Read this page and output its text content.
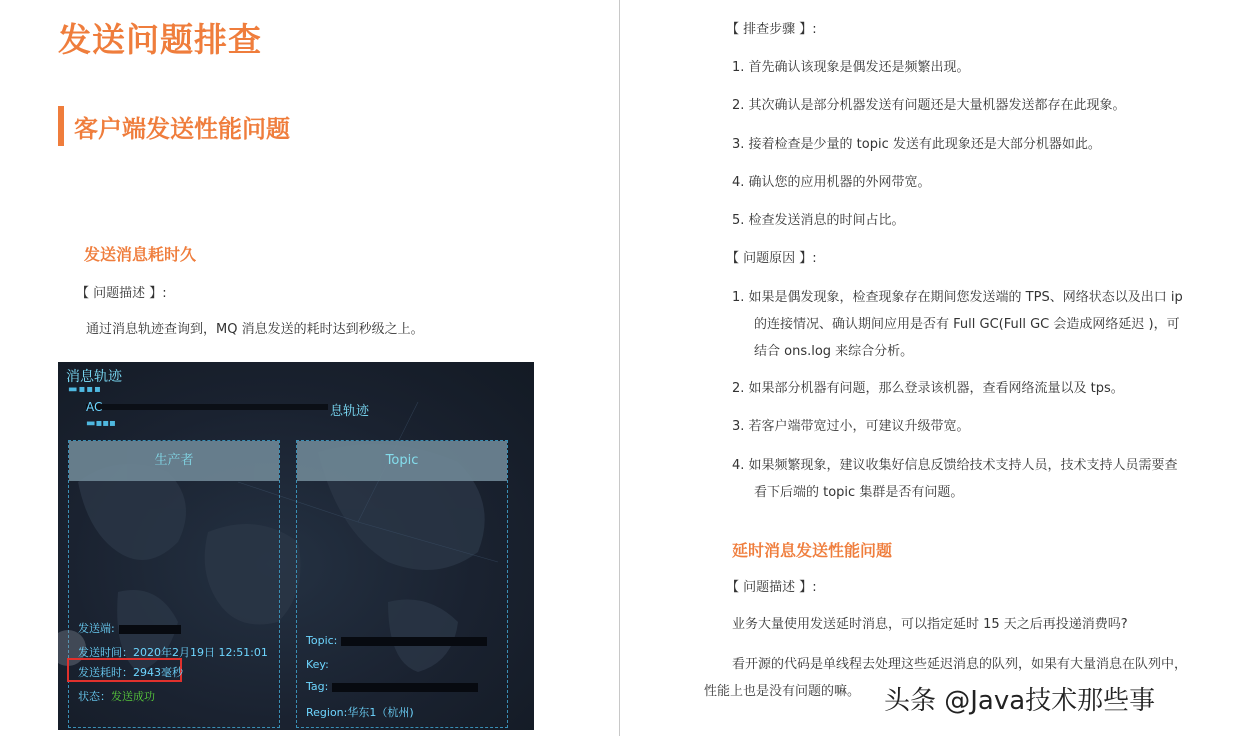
发送问题排查
客户端发送性能问题
发送消息耗时久
【 问题描述 】:
通过消息轨迹查询到，MQ 消息发送的耗时达到秒级之上。
消息轨迹
▬▪▪▪
AC	息轨迹
▬▪▪▪
生产者	Topic
发送端:
发送时间：2020年2月19日 12:51:01
发送耗时：2943毫秒
状态：发送成功
Topic:
Key:
Tag:
Region:华东1（杭州)
【 排查步骤 】:
1. 首先确认该现象是偶发还是频繁出现。
2. 其次确认是部分机器发送有问题还是大量机器发送都存在此现象。
3. 接着检查是少量的 topic 发送有此现象还是大部分机器如此。
4. 确认您的应用机器的外网带宽。
5. 检查发送消息的时间占比。
【 问题原因 】:
1. 如果是偶发现象，检查现象存在期间您发送端的 TPS、网络状态以及出口 ip
的连接情况、确认期间应用是否有 Full GC(Full GC 会造成网络延迟 )，可
结合 ons.log 来综合分析。
2. 如果部分机器有问题，那么登录该机器，查看网络流量以及 tps。
3. 若客户端带宽过小，可建议升级带宽。
4. 如果频繁现象，建议收集好信息反馈给技术支持人员，技术支持人员需要查
看下后端的 topic 集群是否有问题。
延时消息发送性能问题
【 问题描述 】:
业务大量使用发送延时消息，可以指定延时 15 天之后再投递消费吗?
看开源的代码是单线程去处理这些延迟消息的队列，如果有大量消息在队列中，
性能上也是没有问题的嘛。 头条 @Java技术那些事
